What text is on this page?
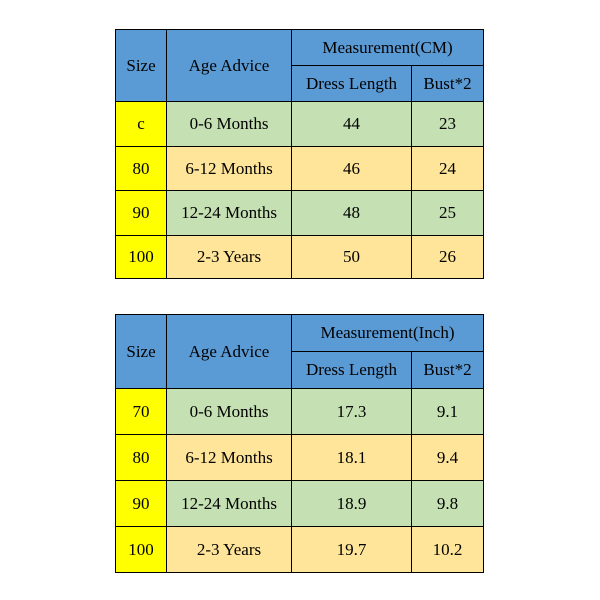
Size	Age Advice	Measurement(CM)	
		Dress Length	Bust*2
c	0-6 Months	44	23
80	6-12 Months	46	24
90	12-24 Months	48	25
100	2-3 Years	50	26
Size	Age Advice	Measurement(Inch)	
		Dress Length	Bust*2
70	0-6 Months	17.3	9.1
80	6-12 Months	18.1	9.4
90	12-24 Months	18.9	9.8
100	2-3 Years	19.7	10.2
